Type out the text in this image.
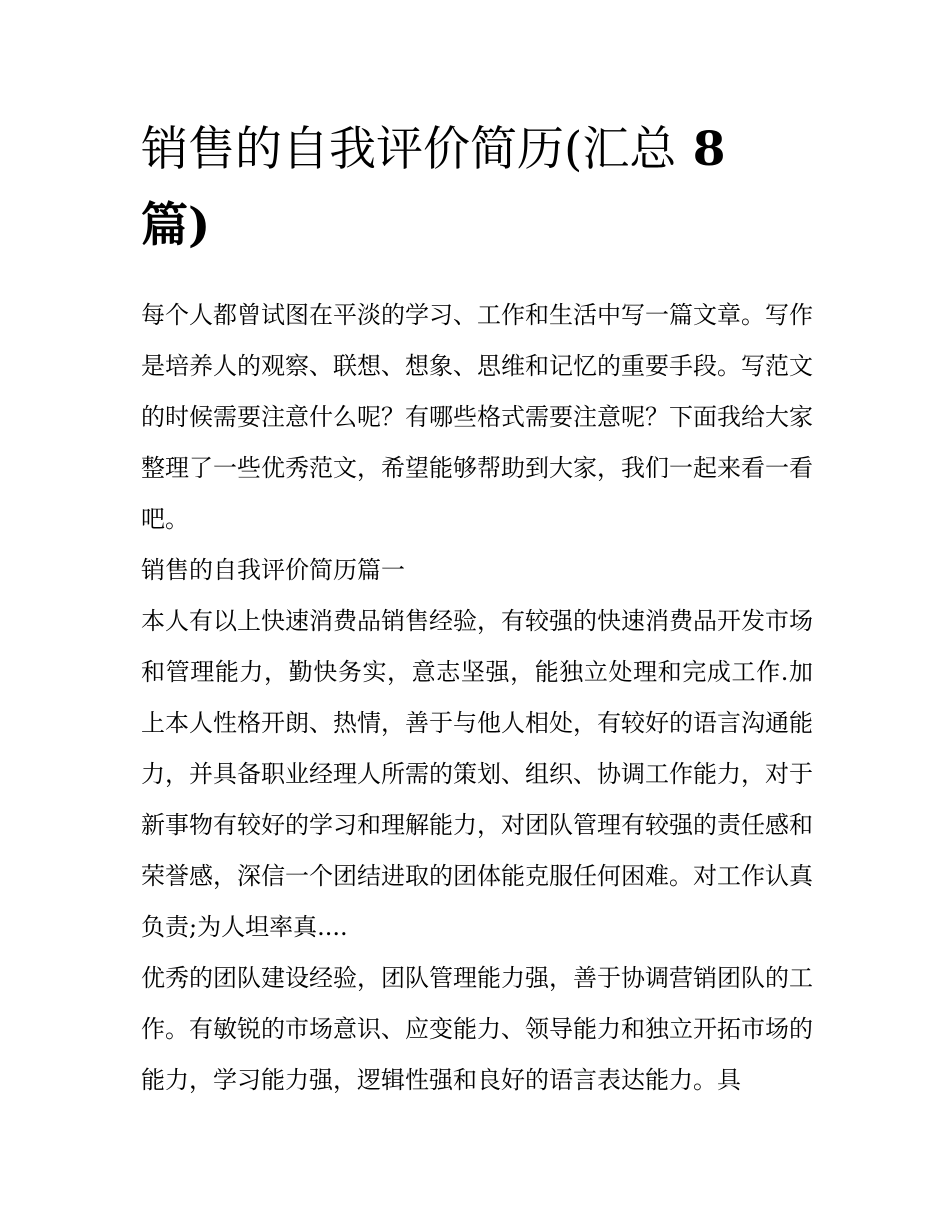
销售的自我评价简历(汇总 8
篇)

每个人都曾试图在平淡的学习、工作和生活中写一篇文章。写作是培养人的观察、联想、想象、思维和记忆的重要手段。写范文的时候需要注意什么呢？有哪些格式需要注意呢？下面我给大家整理了一些优秀范文，希望能够帮助到大家，我们一起来看一看吧。

销售的自我评价简历篇一

本人有以上快速消费品销售经验，有较强的快速消费品开发市场和管理能力，勤快务实，意志坚强，能独立处理和完成工作.加上本人性格开朗、热情，善于与他人相处，有较好的语言沟通能力，并具备职业经理人所需的策划、组织、协调工作能力，对于新事物有较好的学习和理解能力，对团队管理有较强的责任感和荣誉感，深信一个团结进取的团体能克服任何困难。对工作认真负责;为人坦率真....

优秀的团队建设经验，团队管理能力强，善于协调营销团队的工作。有敏锐的市场意识、应变能力、领导能力和独立开拓市场的能力，学习能力强，逻辑性强和良好的语言表达能力。具
